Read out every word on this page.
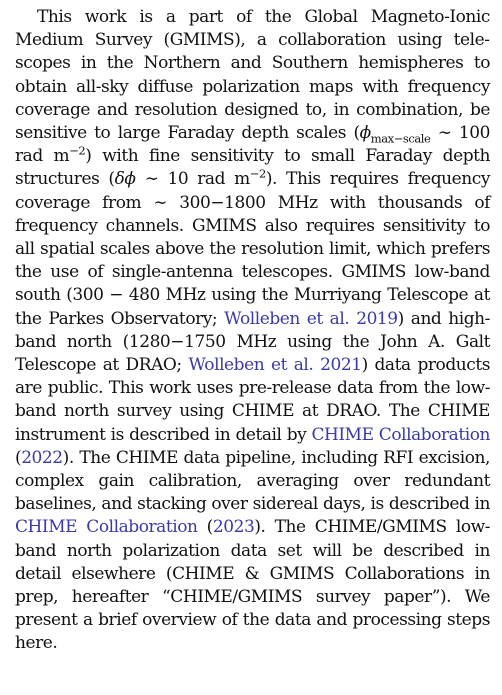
This work is a part of the Global Magneto-Ionic Medium Survey (GMIMS), a collaboration using telescopes in the Northern and Southern hemispheres to obtain all-sky diffuse polarization maps with frequency coverage and resolution designed to, in combination, be sensitive to large Faraday depth scales ($\phi_{max-scale}$ ∼ 100 rad $m^{-2}$) with fine sensitivity to small Faraday depth structures (δϕ ∼ 10 rad $m^{-2}$). This requires frequency coverage from ∼ 300−1800 MHz with thousands of frequency channels. GMIMS also requires sensitivity to all spatial scales above the resolution limit, which prefers the use of single-antenna telescopes. GMIMS low-band south (300 − 480 MHz using the Murriyang Telescope at the Parkes Observatory; Wolleben et al. 2019) and high-band north (1280−1750 MHz using the John A. Galt Telescope at DRAO; Wolleben et al. 2021) data products are public. This work uses pre-release data from the low-band north survey using CHIME at DRAO. The CHIME instrument is described in detail by CHIME Collaboration (2022). The CHIME data pipeline, including RFI excision, complex gain calibration, averaging over redundant baselines, and stacking over sidereal days, is described in CHIME Collaboration (2023). The CHIME/GMIMS low-band north polarization data set will be described in detail elsewhere (CHIME & GMIMS Collaborations in prep, hereafter “CHIME/GMIMS survey paper”). We present a brief overview of the data and processing steps here.
